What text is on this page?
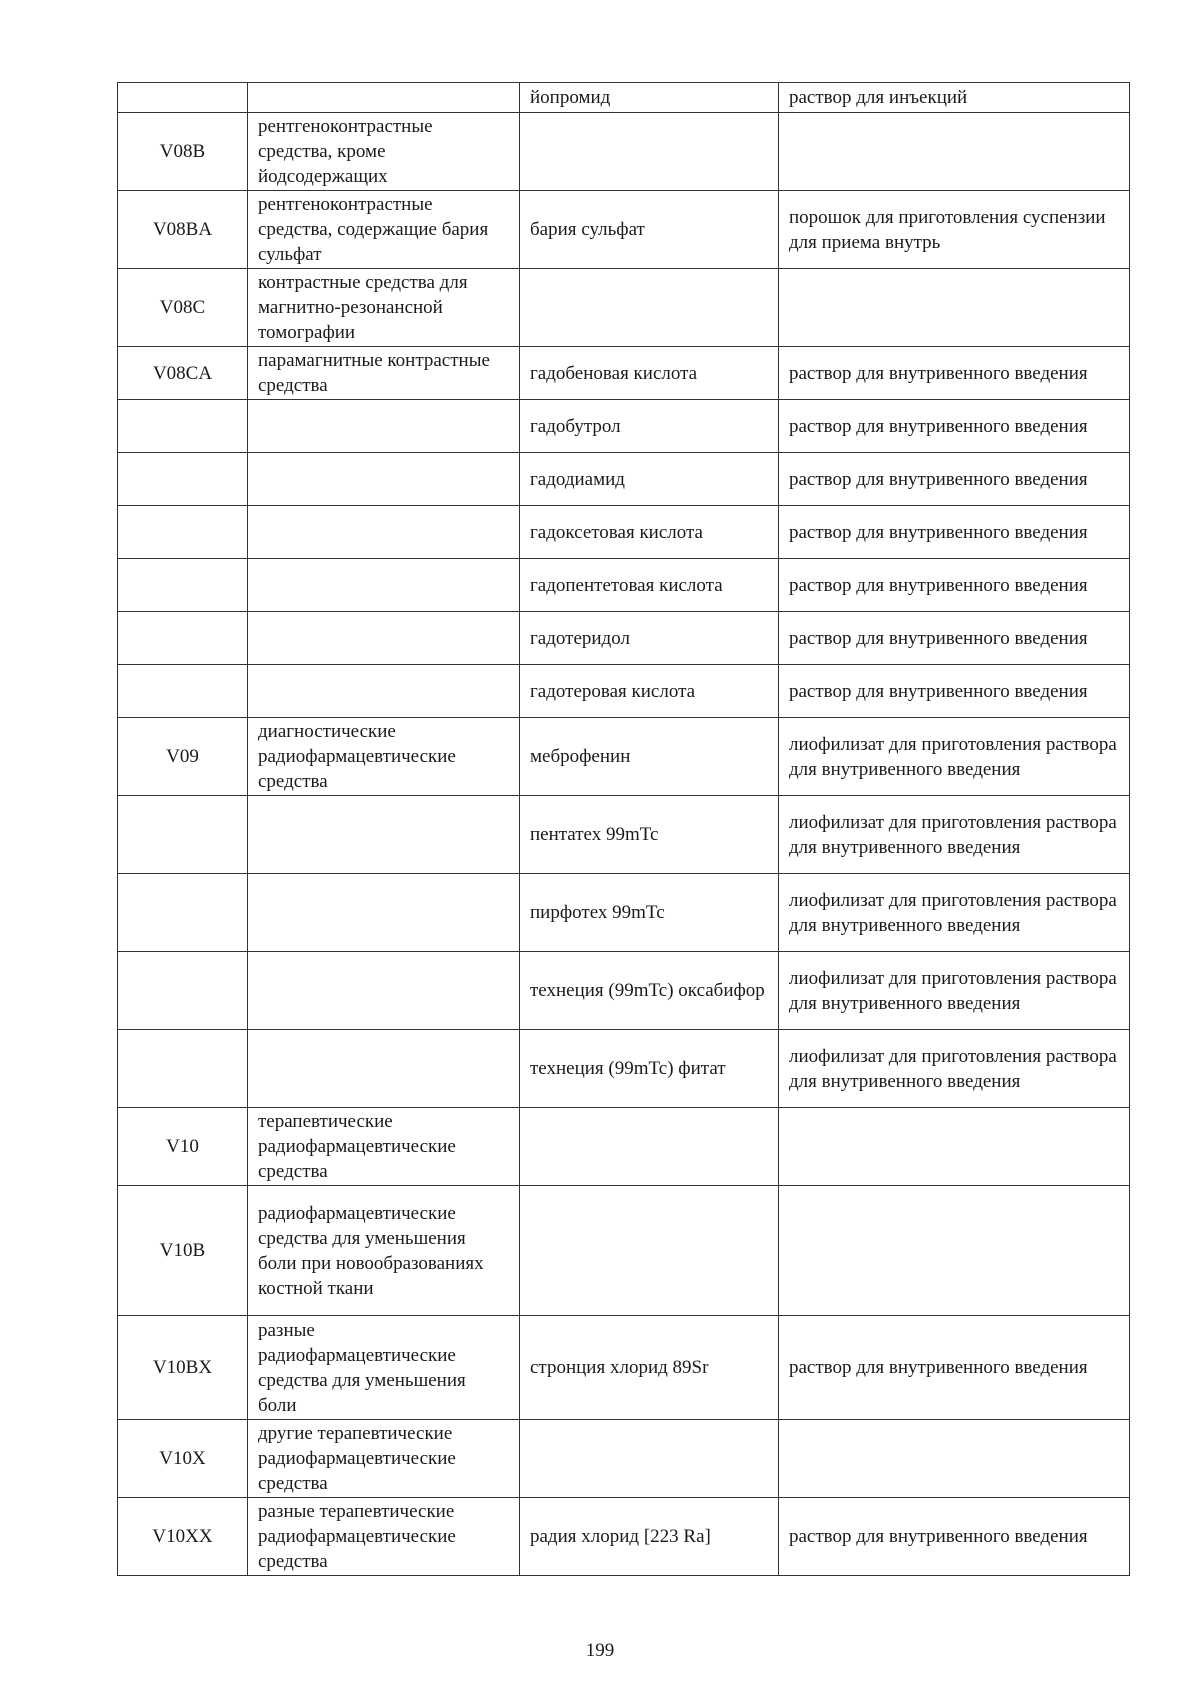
		йопромид	раствор для инъекций
V08B	рентгеноконтрастные средства, кроме йодсодержащих		
V08BA	рентгеноконтрастные средства, содержащие бария сульфат	бария сульфат	порошок для приготовления суспензии для приема внутрь
V08C	контрастные средства для магнитно-резонансной томографии		
V08CA	парамагнитные контрастные средства	гадобеновая кислота	раствор для внутривенного введения
		гадобутрол	раствор для внутривенного введения
		гадодиамид	раствор для внутривенного введения
		гадоксетовая кислота	раствор для внутривенного введения
		гадопентетовая кислота	раствор для внутривенного введения
		гадотеридол	раствор для внутривенного введения
		гадотеровая кислота	раствор для внутривенного введения
V09	диагностические радиофармацевтические средства	меброфенин	лиофилизат для приготовления раствора для внутривенного введения
		пентатех 99mTc	лиофилизат для приготовления раствора для внутривенного введения
		пирфотех 99mTc	лиофилизат для приготовления раствора для внутривенного введения
		технеция (99mTc) оксабифор	лиофилизат для приготовления раствора для внутривенного введения
		технеция (99mTc) фитат	лиофилизат для приготовления раствора для внутривенного введения
V10	терапевтические радиофармацевтические средства		
V10B	радиофармацевтические средства для уменьшения боли при новообразованиях костной ткани		
V10BX	разные радиофармацевтические средства для уменьшения боли	стронция хлорид 89Sr	раствор для внутривенного введения
V10X	другие терапевтические радиофармацевтические средства		
V10XX	разные терапевтические радиофармацевтические средства	радия хлорид [223 Ra]	раствор для внутривенного введения
199
